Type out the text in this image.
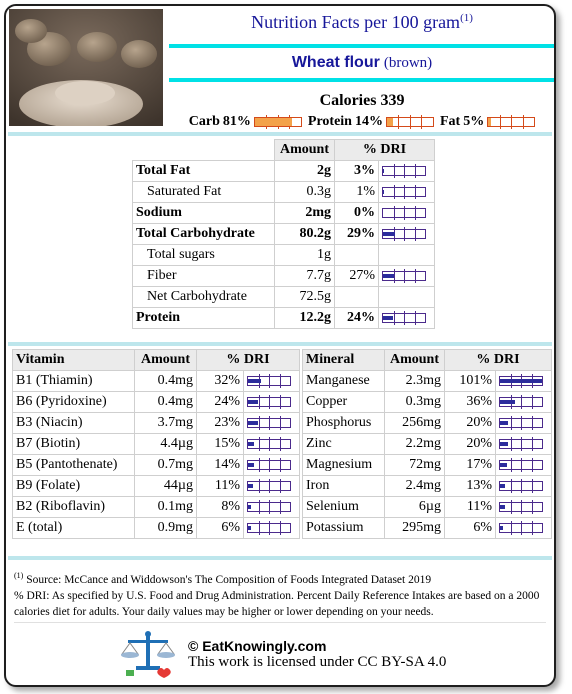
Nutrition Facts per 100 gram$^{(1)}$
Wheat flour (brown)
Calories 339
Carb 81%	Protein 14%	Fat 5%
	Amount	% DRI	
Total Fat	2g	3%	

Saturated Fat	0.3g	1%	

Sodium	2mg	0%	

Total Carbohydrate	80.2g	29%	

Total sugars	1g		
Fiber	7.7g	27%	

Net Carbohydrate	72.5g		
Protein	12.2g	24%	
Vitamin	Amount	% DRI	
B1 (Thiamin)	0.4mg	32%	

B6 (Pyridoxine)	0.4mg	24%	

B3 (Niacin)	3.7mg	23%	

B7 (Biotin)	4.4µg	15%	

B5 (Pantothenate)	0.7mg	14%	

B9 (Folate)	44µg	11%	

B2 (Riboflavin)	0.1mg	8%	

E (total)	0.9mg	6%	
Mineral	Amount	% DRI	
Manganese	2.3mg	101%	

Copper	0.3mg	36%	

Phosphorus	256mg	20%	

Zinc	2.2mg	20%	

Magnesium	72mg	17%	

Iron	2.4mg	13%	

Selenium	6µg	11%	

Potassium	295mg	6%	
$^{(1)}$ Source: McCance and Widdowson's The Composition of Foods Integrated Dataset 2019
% DRI: As specified by U.S. Food and Drug Administration. Percent Daily Reference Intakes are based on a 2000 calories diet for adults. Your daily values may be higher or lower depending on your needs.
© EatKnowingly.com
This work is licensed under CC BY-SA 4.0
